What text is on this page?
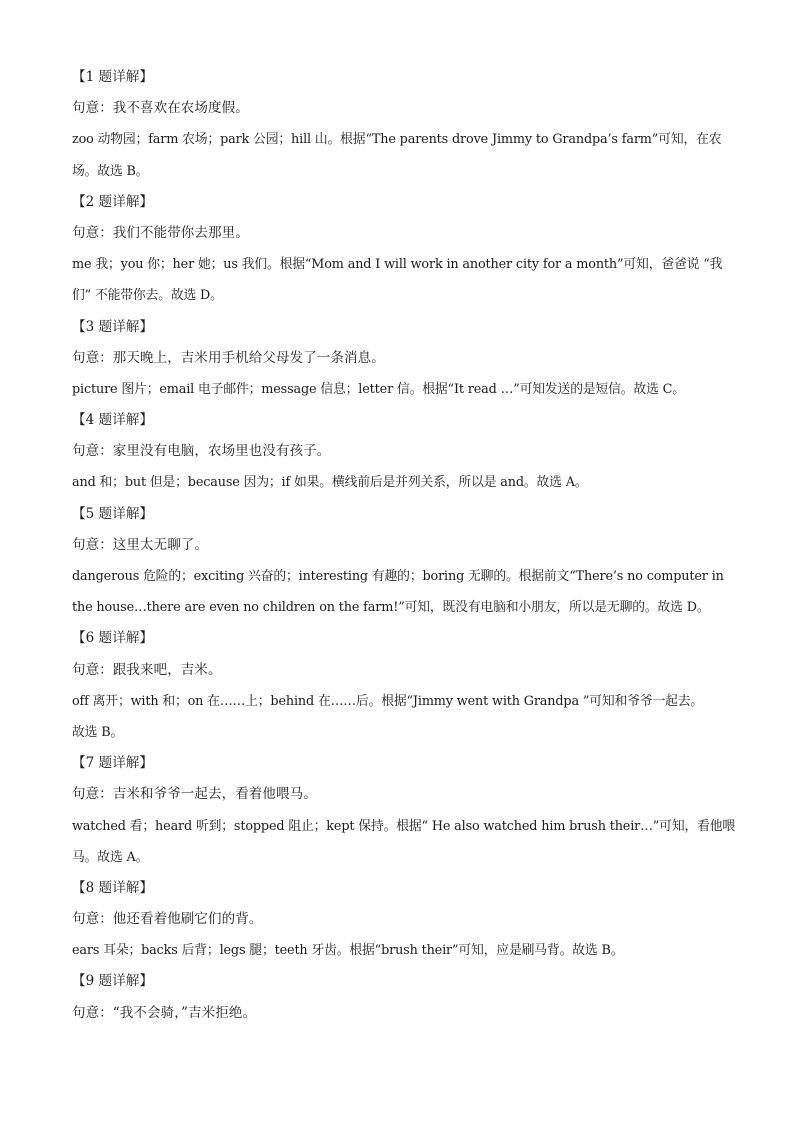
【1 题详解】
句意：我不喜欢在农场度假。
zoo 动物园；farm 农场；park 公园；hill 山。根据“The parents drove Jimmy to Grandpa’s farm”可知，在农
场。故选 B。
【2 题详解】
句意：我们不能带你去那里。
me 我；you 你；her 她；us 我们。根据“Mom and I will work in another city for a month”可知，爸爸说 “我
们” 不能带你去。故选 D。
【3 题详解】
句意：那天晚上，吉米用手机给父母发了一条消息。
picture 图片；email 电子邮件；message 信息；letter 信。根据“It read …”可知发送的是短信。故选 C。
【4 题详解】
句意：家里没有电脑，农场里也没有孩子。
and 和；but 但是；because 因为；if 如果。横线前后是并列关系，所以是 and。故选 A。
【5 题详解】
句意：这里太无聊了。
dangerous 危险的；exciting 兴奋的；interesting 有趣的；boring 无聊的。根据前文“There’s no computer in
the house…there are even no children on the farm!”可知，既没有电脑和小朋友，所以是无聊的。故选 D。
【6 题详解】
句意：跟我来吧，吉米。
off 离开；with 和；on 在……上；behind 在……后。根据“Jimmy went with Grandpa ”可知和爷爷一起去。
故选 B。
【7 题详解】
句意：吉米和爷爷一起去，看着他喂马。
watched 看；heard 听到；stopped 阻止；kept 保持。根据“ He also watched him brush their…”可知，看他喂
马。故选 A。
【8 题详解】
句意：他还看着他刷它们的背。
ears 耳朵；backs 后背；legs 腿；teeth 牙齿。根据“brush their”可知，应是刷马背。故选 B。
【9 题详解】
句意：“我不会骑，”吉米拒绝。
